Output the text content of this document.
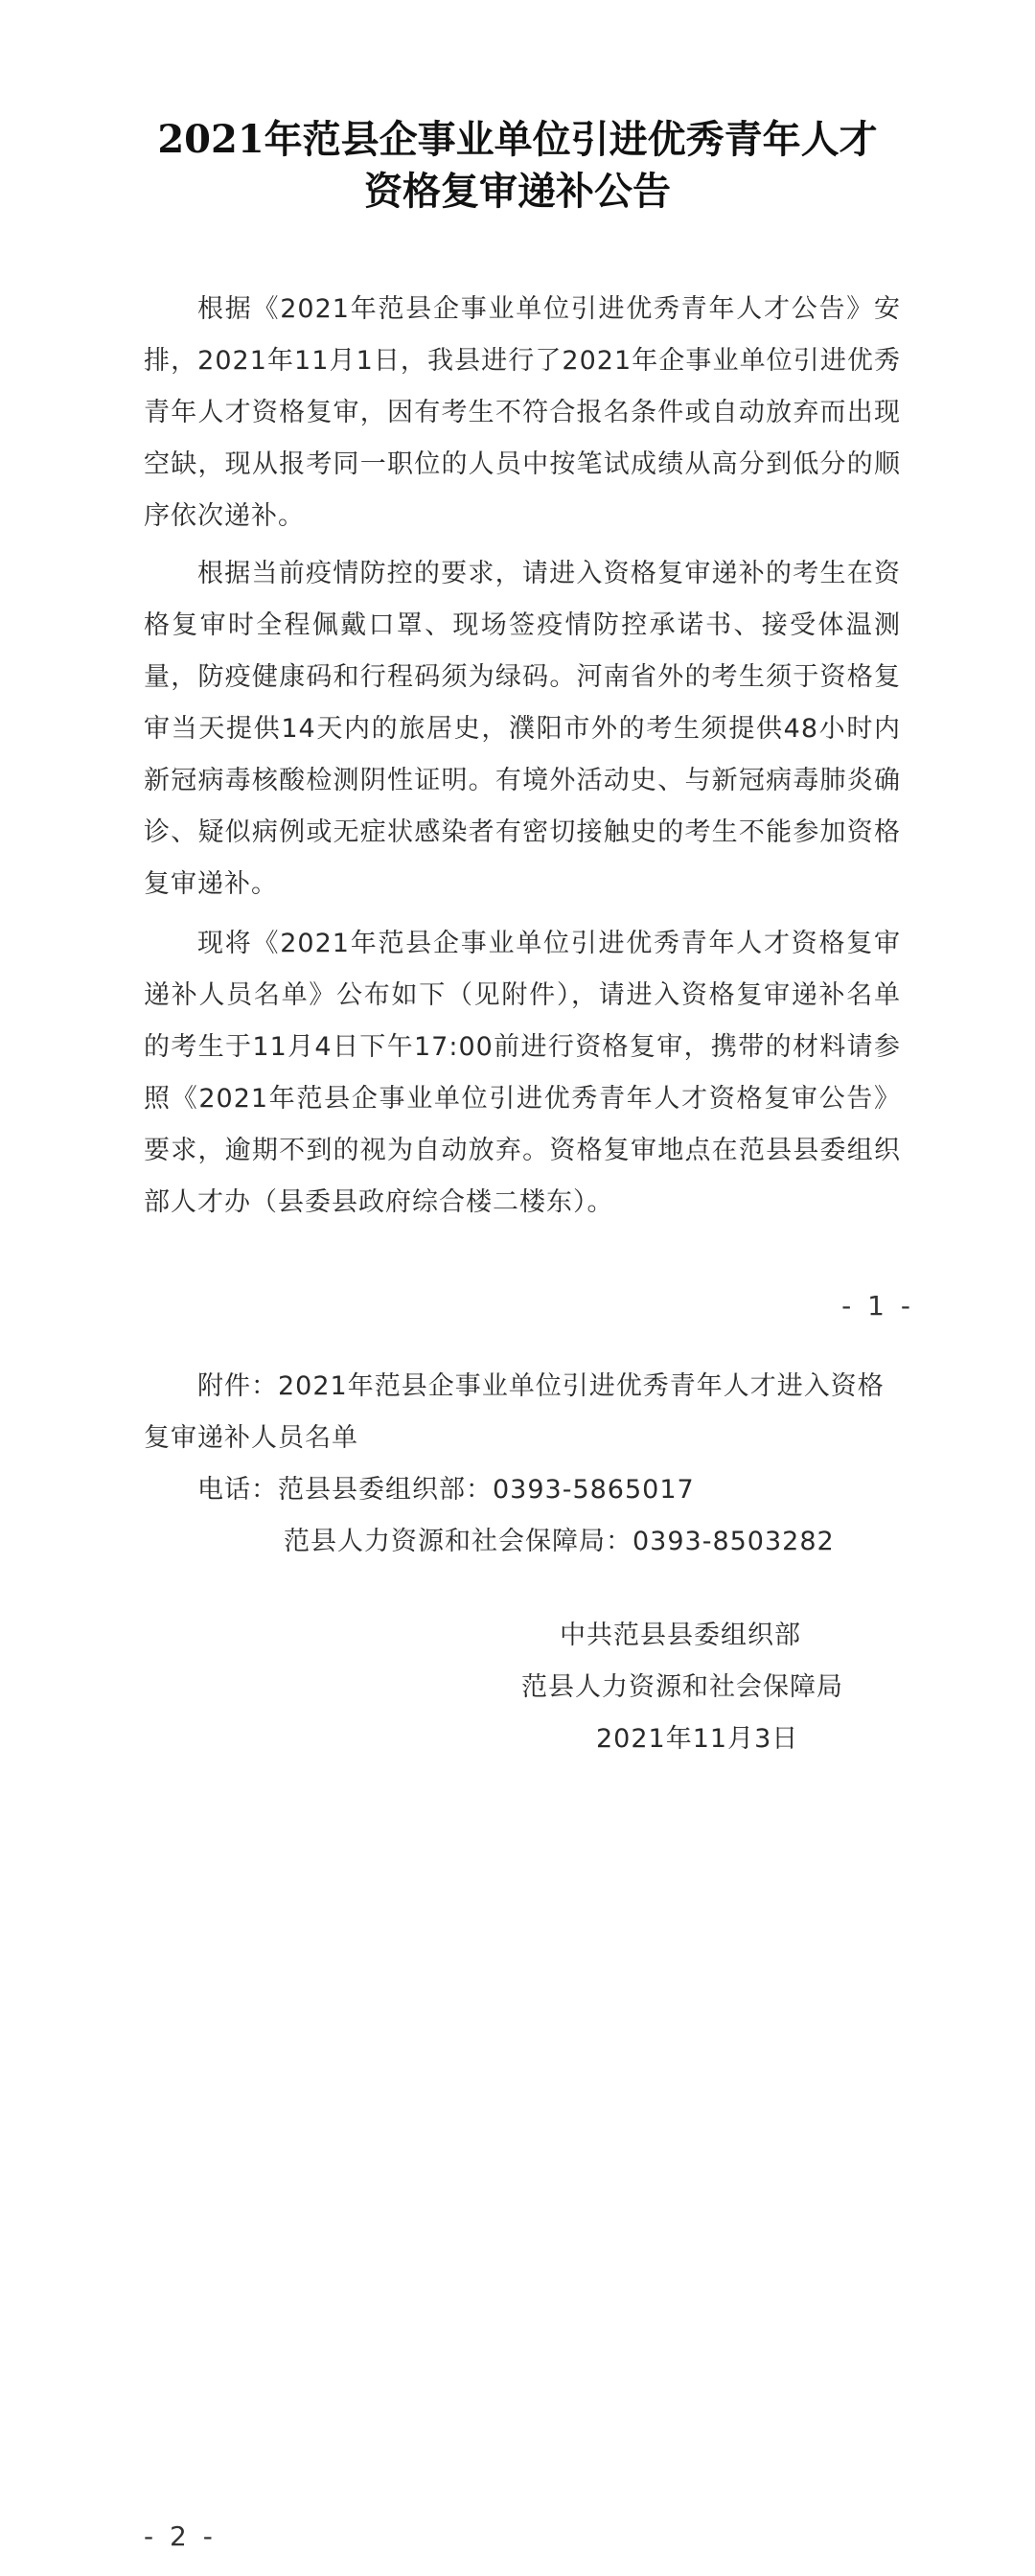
2021年范县企事业单位引进优秀青年人才
资格复审递补公告

根据《2021年范县企事业单位引进优秀青年人才公告》安排，2021年11月1日，我县进行了2021年企事业单位引进优秀青年人才资格复审，因有考生不符合报名条件或自动放弃而出现空缺，现从报考同一职位的人员中按笔试成绩从高分到低分的顺序依次递补。

根据当前疫情防控的要求，请进入资格复审递补的考生在资格复审时全程佩戴口罩、现场签疫情防控承诺书、接受体温测量，防疫健康码和行程码须为绿码。河南省外的考生须于资格复审当天提供14天内的旅居史，濮阳市外的考生须提供48小时内新冠病毒核酸检测阴性证明。有境外活动史、与新冠病毒肺炎确诊、疑似病例或无症状感染者有密切接触史的考生不能参加资格复审递补。

现将《2021年范县企事业单位引进优秀青年人才资格复审递补人员名单》公布如下（见附件），请进入资格复审递补名单的考生于11月4日下午17:00前进行资格复审，携带的材料请参照《2021年范县企事业单位引进优秀青年人才资格复审公告》要求，逾期不到的视为自动放弃。资格复审地点在范县县委组织部人才办（县委县政府综合楼二楼东）。

- 1 -
附件：2021年范县企事业单位引进优秀青年人才进入资格复审递补人员名单
电话：范县县委组织部：0393-5865017
范县人力资源和社会保障局：0393-8503282
中共范县县委组织部
范县人力资源和社会保障局
2021年11月3日
- 2 -
